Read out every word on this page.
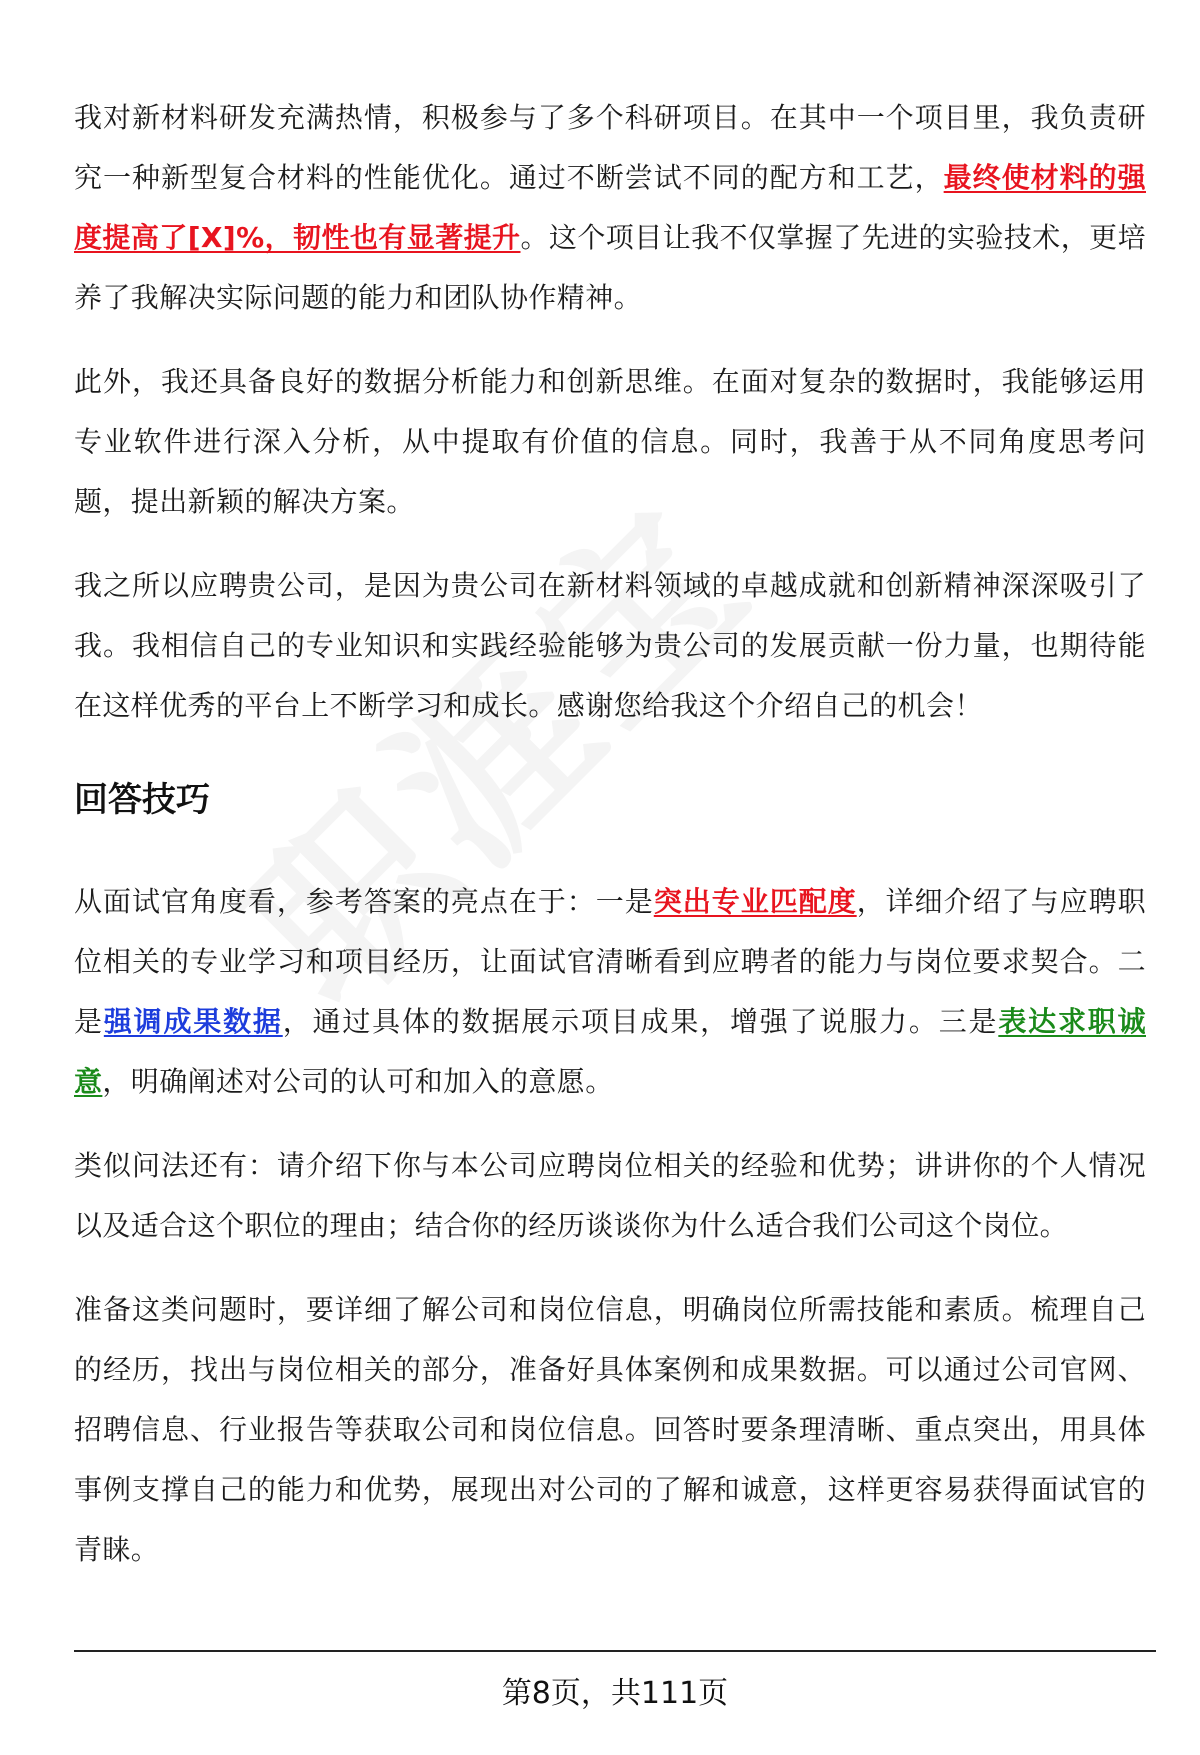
我对新材料研发充满热情，积极参与了多个科研项目。在其中一个项目里，我负责研究一种新型复合材料的性能优化。通过不断尝试不同的配方和工艺，最终使材料的强度提高了[X]%，韧性也有显著提升。这个项目让我不仅掌握了先进的实验技术，更培养了我解决实际问题的能力和团队协作精神。

此外，我还具备良好的数据分析能力和创新思维。在面对复杂的数据时，我能够运用专业软件进行深入分析，从中提取有价值的信息。同时，我善于从不同角度思考问题，提出新颖的解决方案。

我之所以应聘贵公司，是因为贵公司在新材料领域的卓越成就和创新精神深深吸引了我。我相信自己的专业知识和实践经验能够为贵公司的发展贡献一份力量，也期待能在这样优秀的平台上不断学习和成长。感谢您给我这个介绍自己的机会！

回答技巧

从面试官角度看，参考答案的亮点在于：一是突出专业匹配度，详细介绍了与应聘职位相关的专业学习和项目经历，让面试官清晰看到应聘者的能力与岗位要求契合。二是强调成果数据，通过具体的数据展示项目成果，增强了说服力。三是表达求职诚意，明确阐述对公司的认可和加入的意愿。

类似问法还有：请介绍下你与本公司应聘岗位相关的经验和优势；讲讲你的个人情况以及适合这个职位的理由；结合你的经历谈谈你为什么适合我们公司这个岗位。

准备这类问题时，要详细了解公司和岗位信息，明确岗位所需技能和素质。梳理自己的经历，找出与岗位相关的部分，准备好具体案例和成果数据。可以通过公司官网、招聘信息、行业报告等获取公司和岗位信息。回答时要条理清晰、重点突出，用具体事例支撑自己的能力和优势，展现出对公司的了解和诚意，这样更容易获得面试官的青睐。

第8页，共111页
